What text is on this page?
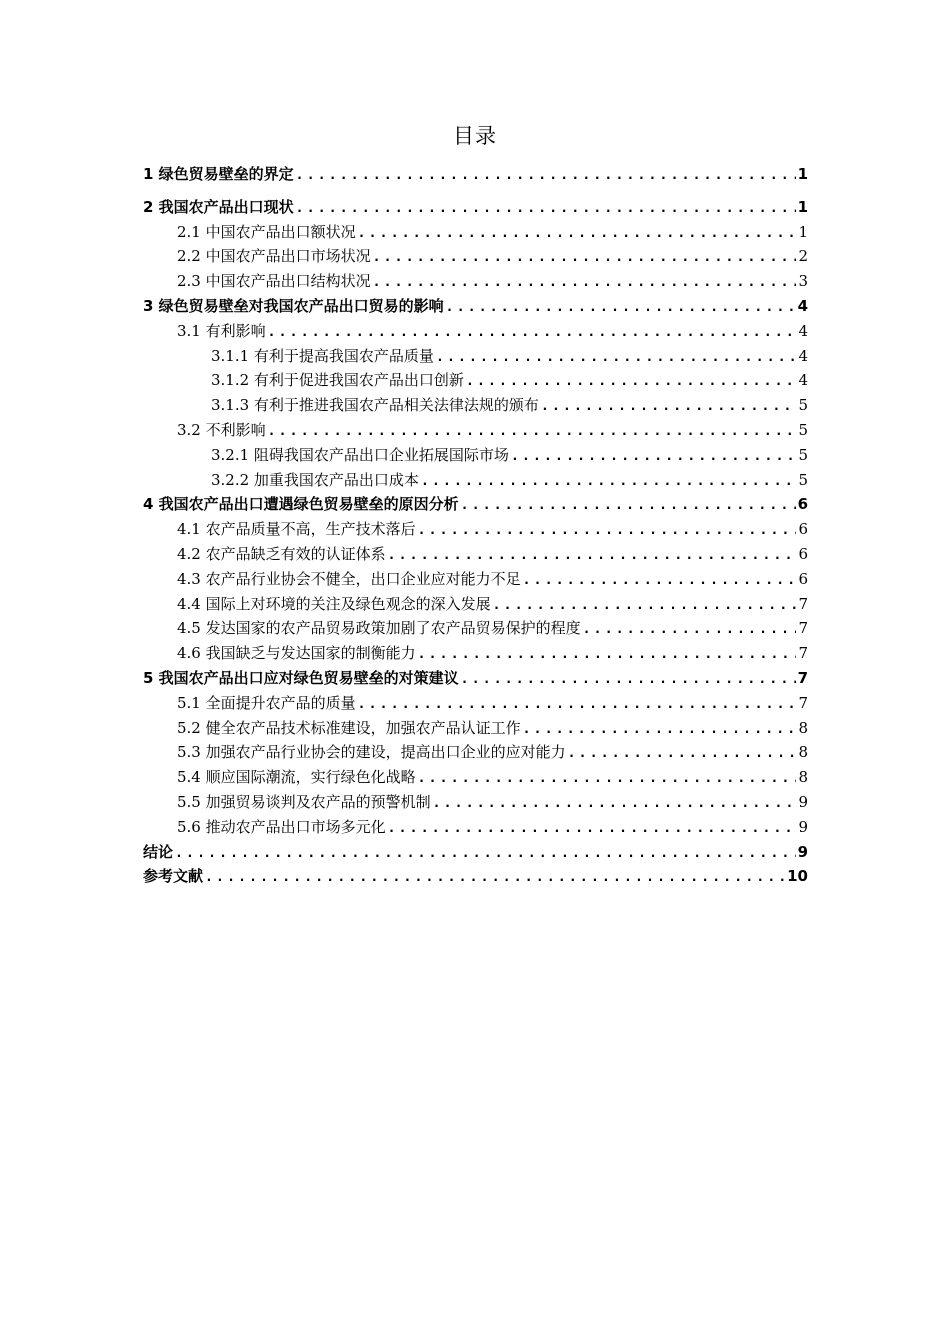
目录
1 绿色贸易壁垒的界定 .....	1
2 我国农产品出口现状 .....	1
2.1 中国农产品出口额状况 .....	1
2.2 中国农产品出口市场状况 .....	2
2.3 中国农产品出口结构状况 .....	3
3 绿色贸易壁垒对我国农产品出口贸易的影响 .....	4
3.1 有利影响 .....	4
3.1.1 有利于提高我国农产品质量 .....	4
3.1.2 有利于促进我国农产品出口创新 .....	4
3.1.3 有利于推进我国农产品相关法律法规的颁布 .....	5
3.2 不利影响 .....	5
3.2.1 阻碍我国农产品出口企业拓展国际市场 .....	5
3.2.2 加重我国农产品出口成本 .....	5
4 我国农产品出口遭遇绿色贸易壁垒的原因分析 .....	6
4.1 农产品质量不高，生产技术落后 .....	6
4.2 农产品缺乏有效的认证体系 .....	6
4.3 农产品行业协会不健全，出口企业应对能力不足 .....	6
4.4 国际上对环境的关注及绿色观念的深入发展 .....	7
4.5 发达国家的农产品贸易政策加剧了农产品贸易保护的程度 .....	7
4.6 我国缺乏与发达国家的制衡能力 .....	7
5 我国农产品出口应对绿色贸易壁垒的对策建议 .....	7
5.1 全面提升农产品的质量 .....	7
5.2 健全农产品技术标准建设，加强农产品认证工作 .....	8
5.3 加强农产品行业协会的建设，提高出口企业的应对能力 .....	8
5.4 顺应国际潮流，实行绿色化战略 .....	8
5.5 加强贸易谈判及农产品的预警机制 .....	9
5.6 推动农产品出口市场多元化 .....	9
结论 .....	9
参考文献 .....	10
